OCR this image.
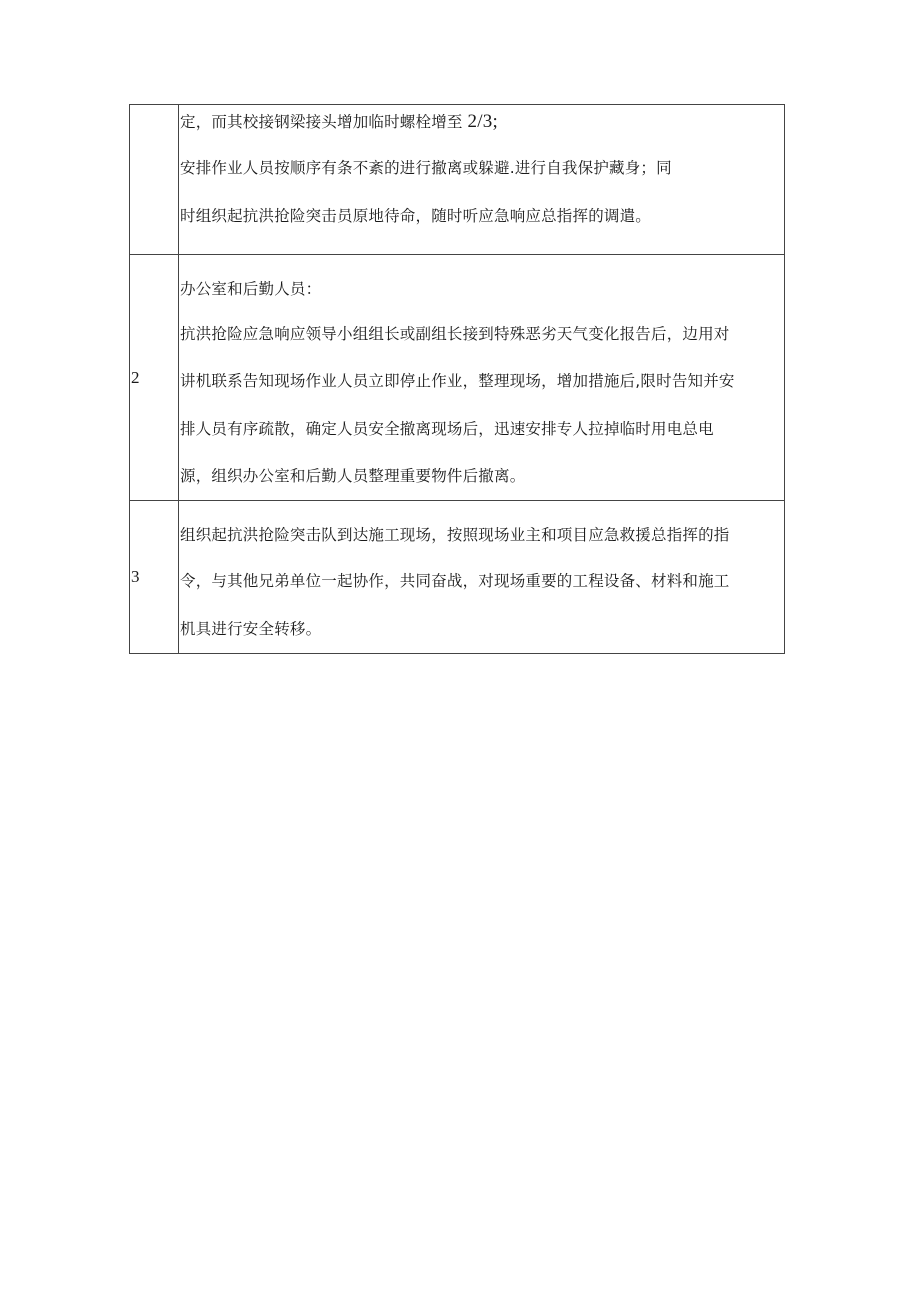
	定，而其校接钢梁接头增加临时螺栓增至 2/3;
安排作业人员按顺序有条不紊的进行撤离或躲避.进行自我保护藏身；同
时组织起抗洪抢险突击员原地待命，随时听应急响应总指挥的调遣。

2	办公室和后勤人员：
抗洪抢险应急响应领导小组组长或副组长接到特殊恶劣天气变化报告后，边用对
讲机联系告知现场作业人员立即停止作业，整理现场，增加措施后,限时告知并安
排人员有序疏散，确定人员安全撤离现场后，迅速安排专人拉掉临时用电总电
源，组织办公室和后勤人员整理重要物件后撤离。

3	组织起抗洪抢险突击队到达施工现场，按照现场业主和项目应急救援总指挥的指
令，与其他兄弟单位一起协作，共同奋战，对现场重要的工程设备、材料和施工
机具进行安全转移。
